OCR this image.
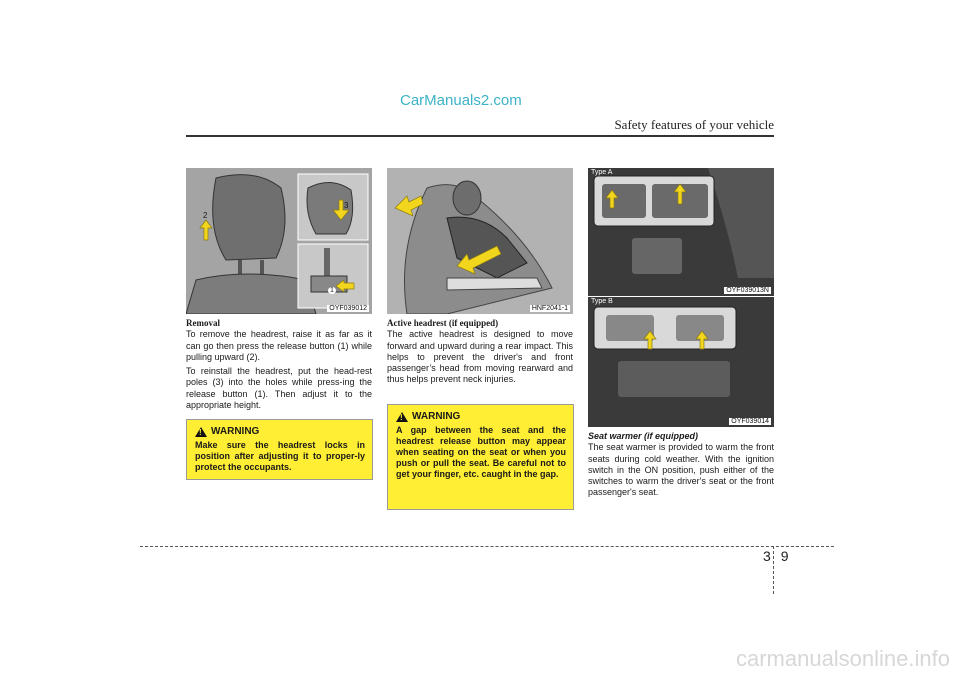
CarManuals2.com
Safety features of your vehicle
2
3
1
OYF039012	HNF2041-1
Type A
OYF039013N
Type B
OYF039014
Removal

To remove the headrest, raise it as far as it can go then press the release button (1) while pulling upward (2).

To reinstall the headrest, put the head-rest poles (3) into the holes while press-ing the release button (1). Then adjust it to the appropriate height.

!
WARNING
Make sure the headrest locks in position after adjusting it to proper-ly protect the occupants.
Active headrest (if equipped)

The active headrest is designed to move forward and upward during a rear impact. This helps to prevent the driver's and front passenger’s head from moving rearward and thus helps prevent neck injuries.

!
WARNING
A gap between the seat and the headrest release button may appear when seating on the seat or when you push or pull the seat. Be careful not to get your finger, etc. caught in the gap.
Seat warmer (if equipped)

The seat warmer is provided to warm the front seats during cold weather. With the ignition switch in the ON position, push either of the switches to warm the driver's seat or the front passenger's seat.

3 9
carmanualsonline.info
